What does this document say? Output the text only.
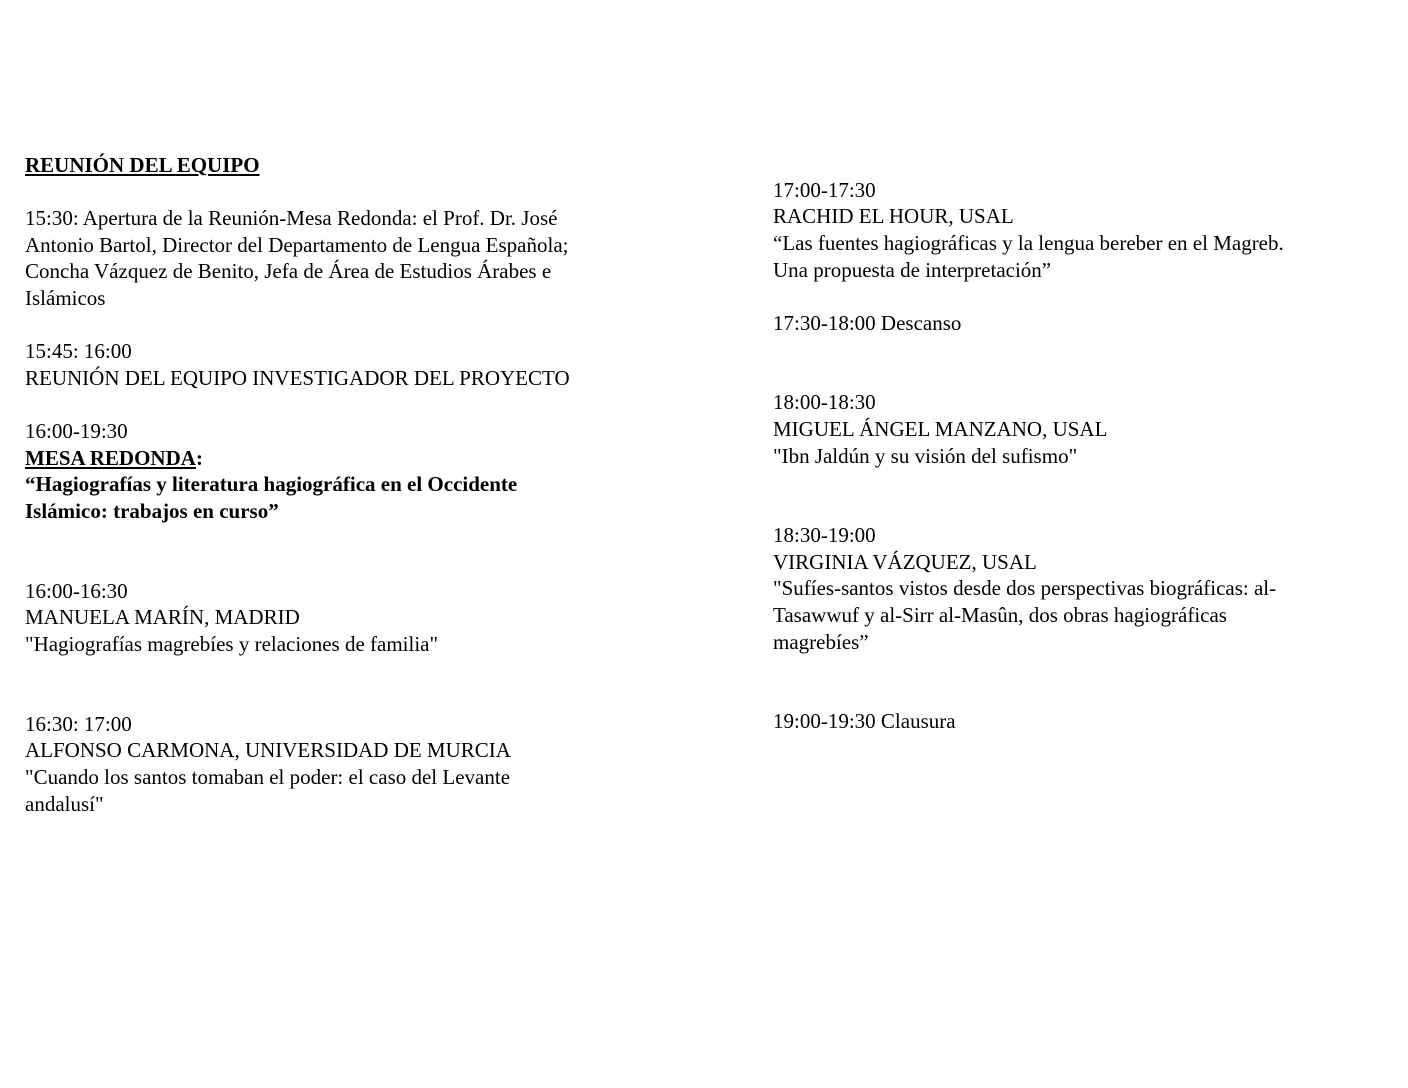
REUNIÓN DEL EQUIPO
15:30: Apertura de la Reunión-Mesa Redonda: el Prof. Dr. José
Antonio Bartol, Director del Departamento de Lengua Española;
Concha Vázquez de Benito, Jefa de Área de Estudios Árabes e
Islámicos
15:45: 16:00
REUNIÓN DEL EQUIPO INVESTIGADOR DEL PROYECTO
16:00-19:30
MESA REDONDA:
“Hagiografías y literatura hagiográfica en el Occidente
Islámico: trabajos en curso”
16:00-16:30
MANUELA MARÍN, MADRID
"Hagiografías magrebíes y relaciones de familia"
16:30: 17:00
ALFONSO CARMONA, UNIVERSIDAD DE MURCIA
"Cuando los santos tomaban el poder: el caso del Levante
andalusí"
17:00-17:30
RACHID EL HOUR, USAL
“Las fuentes hagiográficas y la lengua bereber en el Magreb.
Una propuesta de interpretación”
17:30-18:00 Descanso
18:00-18:30
MIGUEL ÁNGEL MANZANO, USAL
"Ibn Jaldún y su visión del sufismo"
18:30-19:00
VIRGINIA VÁZQUEZ, USAL
"Sufíes-santos vistos desde dos perspectivas biográficas: al-
Tasawwuf y al-Sirr al-Masûn, dos obras hagiográficas
magrebíes”
19:00-19:30 Clausura
